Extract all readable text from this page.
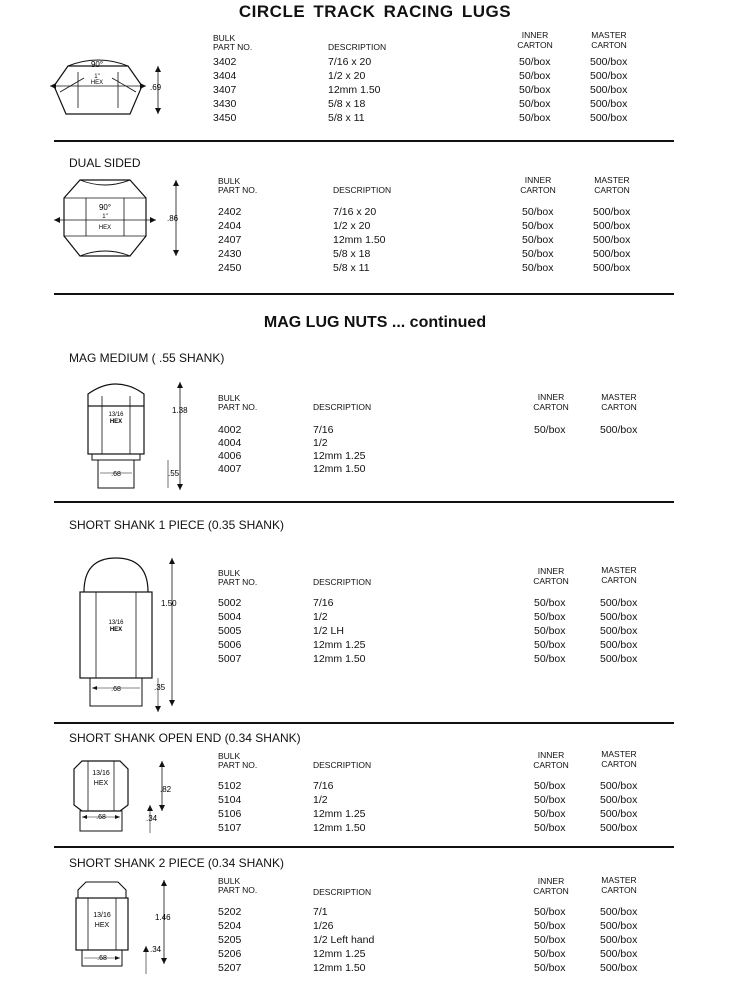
CIRCLE TRACK RACING LUGS
90°
1"
HEX	.69
BULK
PART NO.	DESCRIPTION
INNER
CARTON
MASTER
CARTON
3402	7/16 x 20	50/box	500/box
3404	1/2 x 20	50/box	500/box
3407	12mm 1.50	50/box	500/box
3430	5/8 x 18	50/box	500/box
3450	5/8 x 11	50/box	500/box
DUAL SIDED
90°
1"
HEX
.86
BULK
PART NO.	DESCRIPTION
INNER
CARTON
MASTER
CARTON
2402	7/16 x 20	50/box	500/box
2404	1/2 x 20	50/box	500/box
2407	12mm 1.50	50/box	500/box
2430	5/8 x 18	50/box	500/box
2450	5/8 x 11	50/box	500/box
MAG LUG NUTS ... continued
MAG MEDIUM ( .55 SHANK)
13/16
HEX
.68
1.38
.55
BULK
PART NO.	DESCRIPTION
INNER
CARTON
MASTER
CARTON
4002	7/16	50/box	500/box
4004	1/2
4006	12mm 1.25
4007	12mm 1.50
SHORT SHANK 1 PIECE (0.35 SHANK)
13/16
HEX
.68
1.50
.35
BULK
PART NO.	DESCRIPTION
INNER
CARTON
MASTER
CARTON
5002	7/16	50/box	500/box
5004	1/2	50/box	500/box
5005	1/2 LH	50/box	500/box
5006	12mm 1.25	50/box	500/box
5007	12mm 1.50	50/box	500/box
SHORT SHANK OPEN END (0.34 SHANK)
13/16
HEX
.68
.82
.34
BULK
PART NO.	DESCRIPTION
INNER
CARTON
MASTER
CARTON
5102	7/16	50/box	500/box
5104	1/2	50/box	500/box
5106	12mm 1.25	50/box	500/box
5107	12mm 1.50	50/box	500/box
SHORT SHANK 2 PIECE (0.34 SHANK)
13/16
HEX
.68
1.46
.34
BULK
PART NO.	DESCRIPTION
INNER
CARTON
MASTER
CARTON
5202	7/1	50/box	500/box
5204	1/26	50/box	500/box
5205	1/2 Left hand	50/box	500/box
5206	12mm 1.25	50/box	500/box
5207	12mm 1.50	50/box	500/box
